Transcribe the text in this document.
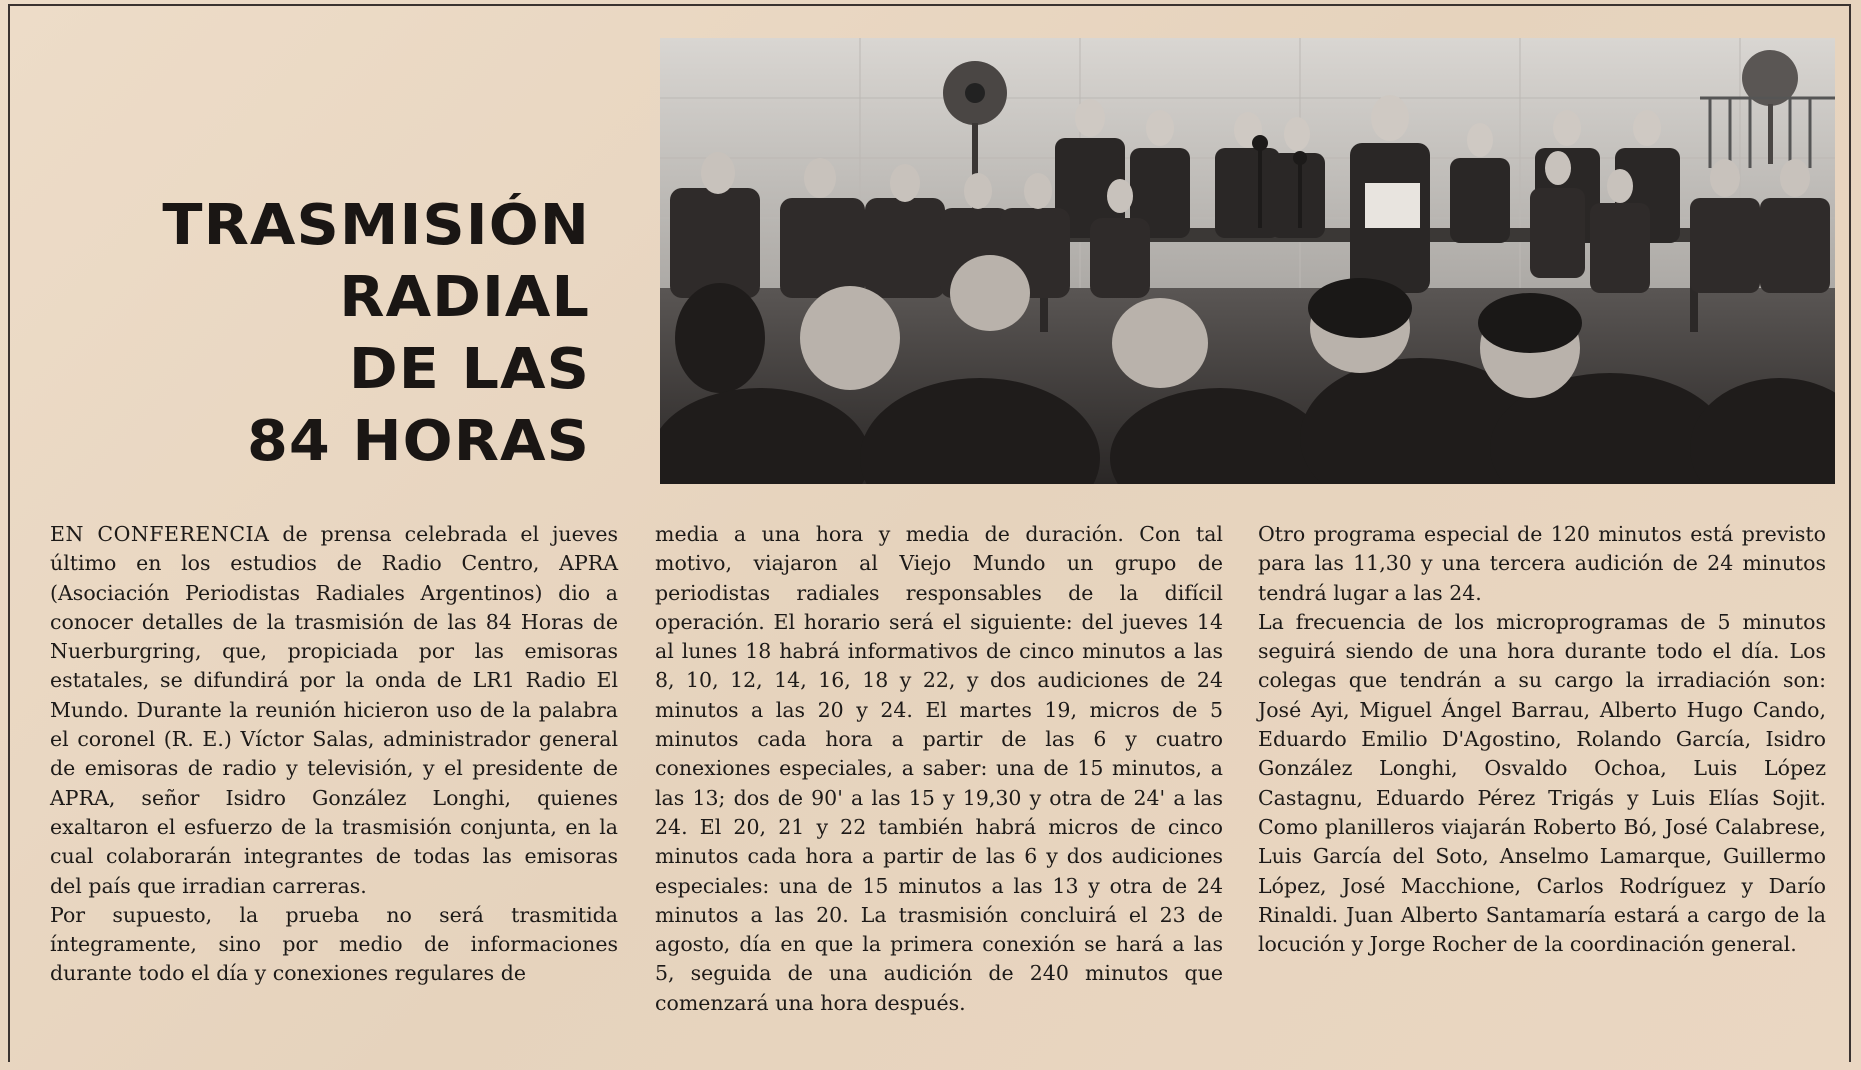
TRASMISIÓN
RADIAL
DE LAS
84 HORAS

EN CONFERENCIA de prensa celebrada el jueves último en los estudios de Radio Centro, APRA (Asociación Periodistas Radiales Argentinos) dio a conocer detalles de la trasmisión de las 84 Horas de Nuerburgring, que, propiciada por las emisoras estatales, se difundirá por la onda de LR1 Radio El Mundo. Durante la reunión hicieron uso de la palabra el coronel (R. E.) Víctor Salas, administrador general de emisoras de radio y televisión, y el presidente de APRA, señor Isidro González Longhi, quienes exaltaron el esfuerzo de la trasmisión conjunta, en la cual colaborarán integrantes de todas las emisoras del país que irradian carreras.

Por supuesto, la prueba no será trasmitida íntegramente, sino por medio de informaciones durante todo el día y conexiones regulares de

media a una hora y media de duración. Con tal motivo, viajaron al Viejo Mundo un grupo de periodistas radiales responsables de la difícil operación. El horario será el siguiente: del jueves 14 al lunes 18 habrá informativos de cinco minutos a las 8, 10, 12, 14, 16, 18 y 22, y dos audiciones de 24 minutos a las 20 y 24. El martes 19, micros de 5 minutos cada hora a partir de las 6 y cuatro conexiones especiales, a saber: una de 15 minutos, a las 13; dos de 90' a las 15 y 19,30 y otra de 24' a las 24. El 20, 21 y 22 también habrá micros de cinco minutos cada hora a partir de las 6 y dos audiciones especiales: una de 15 minutos a las 13 y otra de 24 minutos a las 20. La trasmisión concluirá el 23 de agosto, día en que la primera conexión se hará a las 5, seguida de una audición de 240 minutos que comenzará una hora después.

Otro programa especial de 120 minutos está previsto para las 11,30 y una tercera audición de 24 minutos tendrá lugar a las 24.

La frecuencia de los microprogramas de 5 minutos seguirá siendo de una hora durante todo el día. Los colegas que tendrán a su cargo la irradiación son: José Ayi, Miguel Ángel Barrau, Alberto Hugo Cando, Eduardo Emilio D'Agostino, Rolando García, Isidro González Longhi, Osvaldo Ochoa, Luis López Castagnu, Eduardo Pérez Trigás y Luis Elías Sojit. Como planilleros viajarán Roberto Bó, José Calabrese, Luis García del Soto, Anselmo Lamarque, Guillermo López, José Macchione, Carlos Rodríguez y Darío Rinaldi. Juan Alberto Santamaría estará a cargo de la locución y Jorge Rocher de la coordinación general.
